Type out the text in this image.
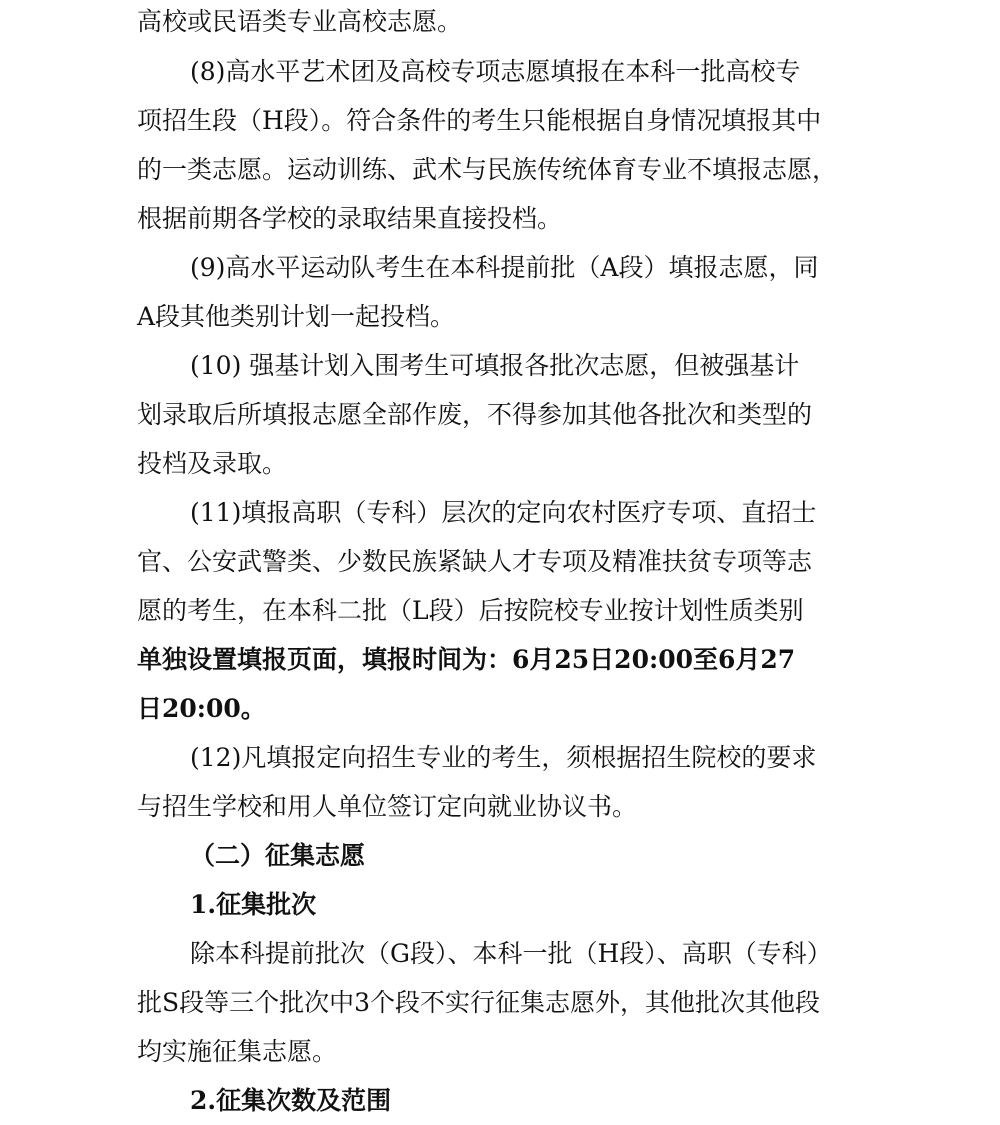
高校或民语类专业高校志愿。
(8)高水平艺术团及高校专项志愿填报在本科一批高校专
项招生段（H段）。符合条件的考生只能根据自身情况填报其中
的一类志愿。运动训练、武术与民族传统体育专业不填报志愿，
根据前期各学校的录取结果直接投档。
(9)高水平运动队考生在本科提前批（A段）填报志愿，同
A段其他类别计划一起投档。
(10) 强基计划入围考生可填报各批次志愿，但被强基计
划录取后所填报志愿全部作废，不得参加其他各批次和类型的
投档及录取。
(11)填报高职（专科）层次的定向农村医疗专项、直招士
官、公安武警类、少数民族紧缺人才专项及精准扶贫专项等志
愿的考生，在本科二批（L段）后按院校专业按计划性质类别
单独设置填报页面，填报时间为：6月25日20:00至6月27
日20:00。
(12)凡填报定向招生专业的考生，须根据招生院校的要求
与招生学校和用人单位签订定向就业协议书。
（二）征集志愿
1.征集批次
除本科提前批次（G段）、本科一批（H段）、高职（专科）
批S段等三个批次中3个段不实行征集志愿外，其他批次其他段
均实施征集志愿。
2.征集次数及范围
